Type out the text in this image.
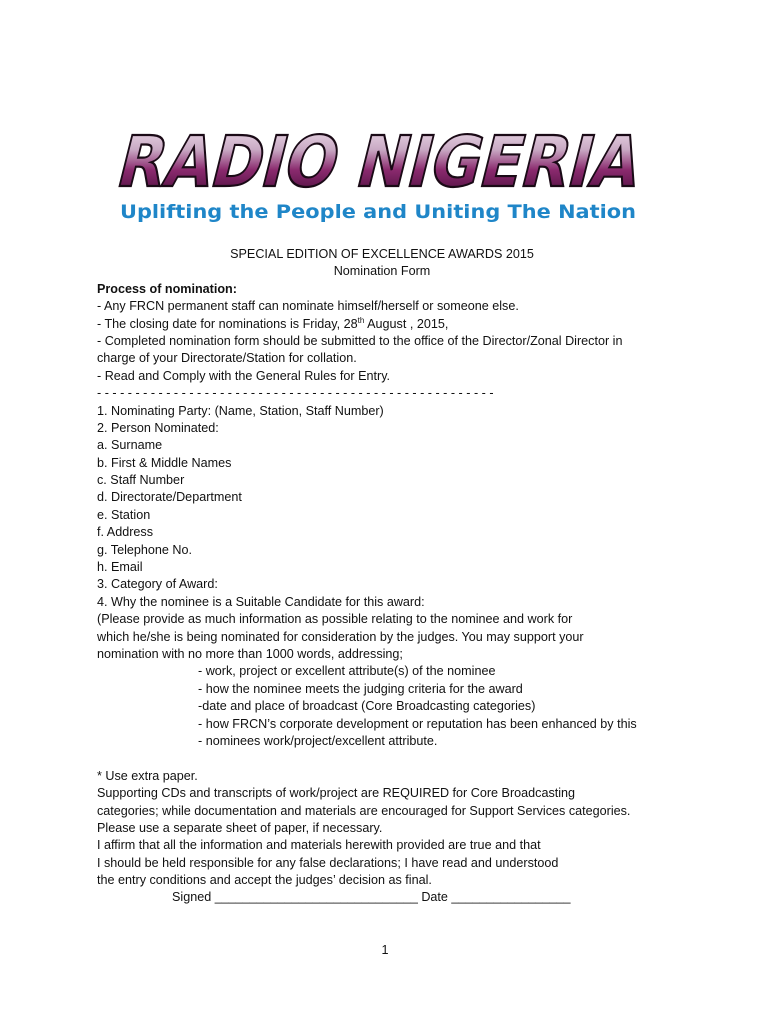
RADIO NIGERIA
Uplifting the People and Uniting The Nation
SPECIAL EDITION OF EXCELLENCE AWARDS 2015
Nomination Form
Process of nomination:
- Any FRCN permanent staff can nominate himself/herself or someone else.
- The closing date for nominations is Friday, 28th August , 2015,
- Completed nomination form should be submitted to the office of the Director/Zonal Director in
charge of your Directorate/Station for collation.
- Read and Comply with the General Rules for Entry.
- - - - - - - - - - - - - - - - - - - - - - - - - - - - - - - - - - - - - - - - - - - - - - - - - - - -
1. Nominating Party: (Name, Station, Staff Number)
2. Person Nominated:
a. Surname
b. First & Middle Names
c. Staff Number
d. Directorate/Department
e. Station
f. Address
g. Telephone No.
h. Email
3. Category of Award:
4. Why the nominee is a Suitable Candidate for this award:
(Please provide as much information as possible relating to the nominee and work for
which he/she is being nominated for consideration by the judges. You may support your
nomination with no more than 1000 words, addressing;
- work, project or excellent attribute(s) of the nominee
- how the nominee meets the judging criteria for the award
-date and place of broadcast (Core Broadcasting categories)
- how FRCN’s corporate development or reputation has been enhanced by this
- nominees work/project/excellent attribute.
* Use extra paper.
Supporting CDs and transcripts of work/project are REQUIRED for Core Broadcasting
categories; while documentation and materials are encouraged for Support Services categories.
Please use a separate sheet of paper, if necessary.
I affirm that all the information and materials herewith provided are true and that
I should be held responsible for any false declarations; I have read and understood
the entry conditions and accept the judges’ decision as final.
Signed _____________________________ Date _________________
1
